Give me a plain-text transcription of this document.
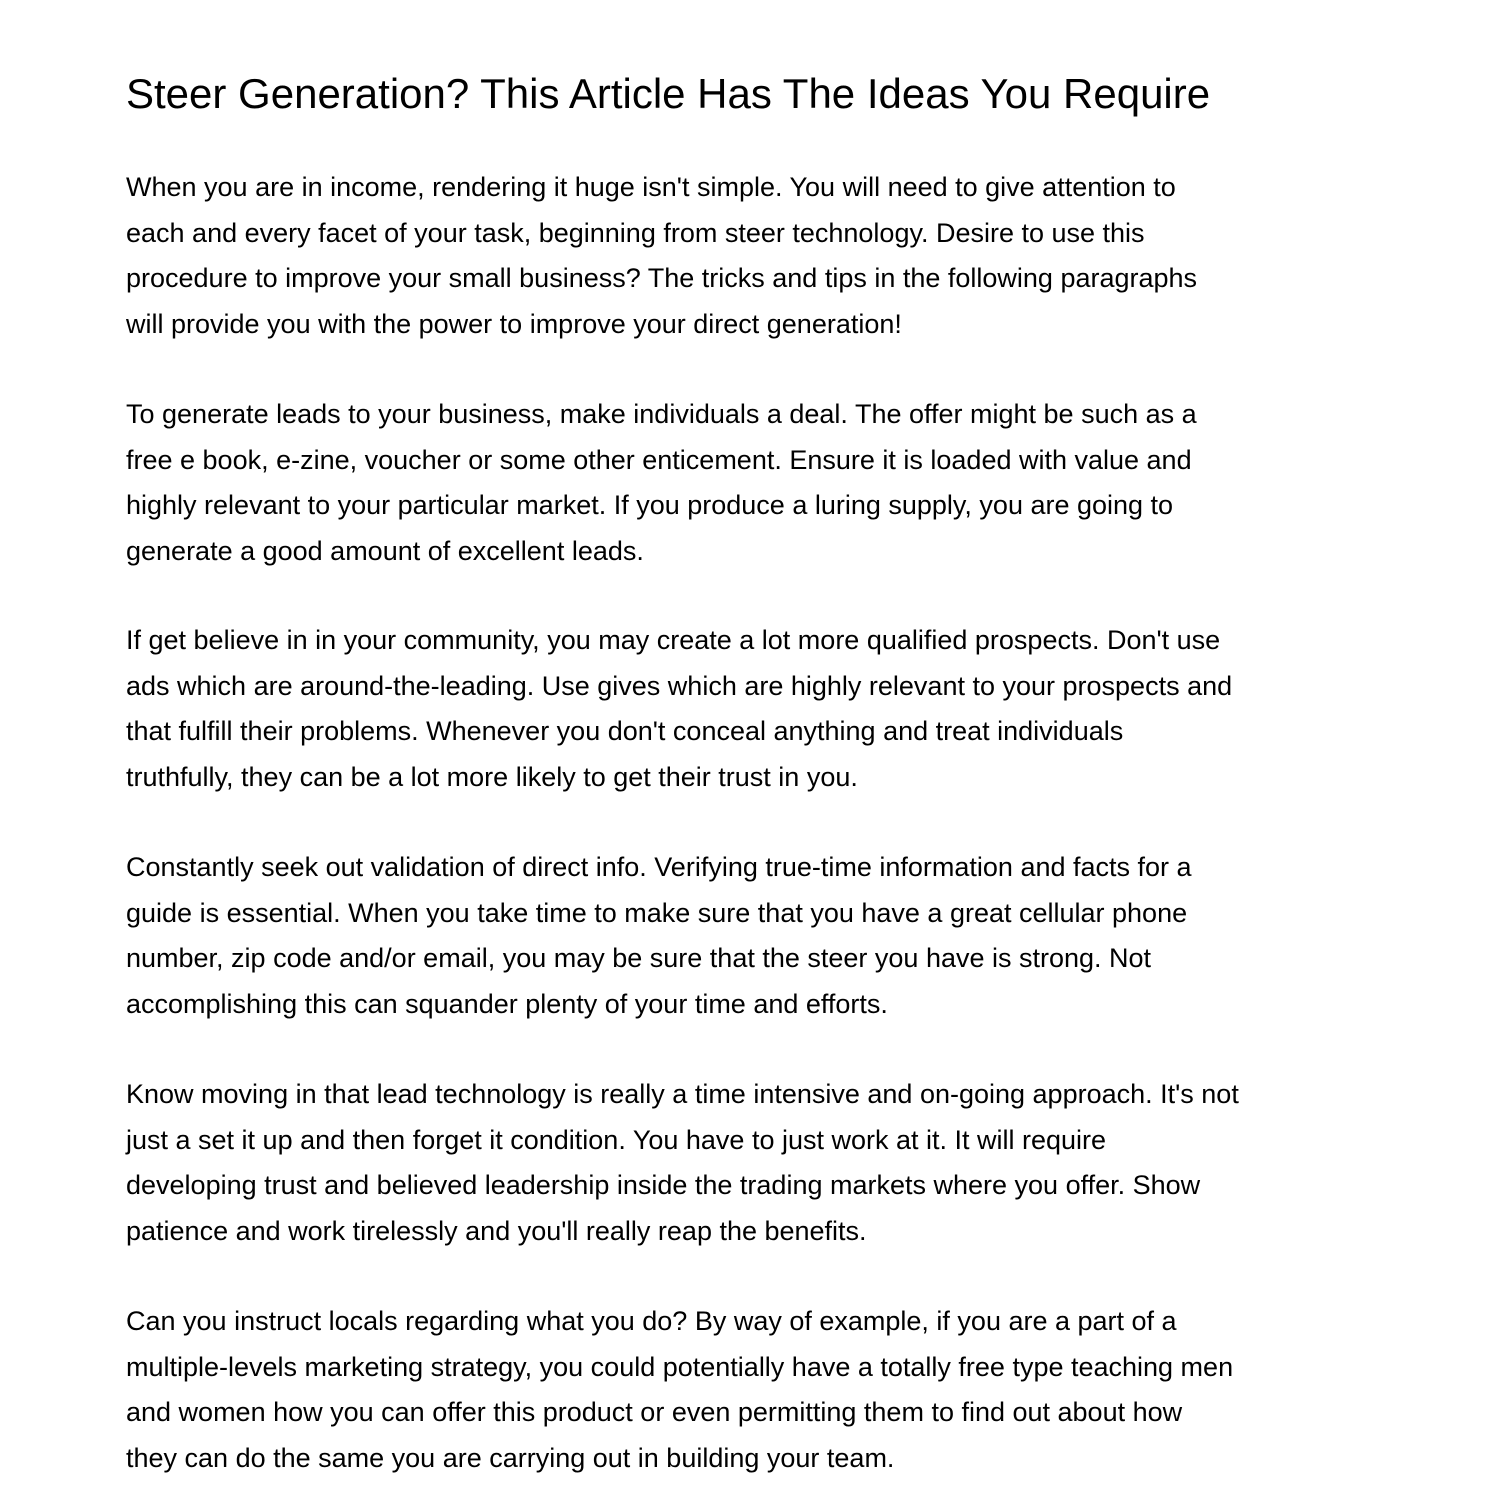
Steer Generation? This Article Has The Ideas You Require

When you are in income, rendering it huge isn't simple. You will need to give attention to
each and every facet of your task, beginning from steer technology. Desire to use this
procedure to improve your small business? The tricks and tips in the following paragraphs
will provide you with the power to improve your direct generation!

To generate leads to your business, make individuals a deal. The offer might be such as a
free e book, e-zine, voucher or some other enticement. Ensure it is loaded with value and
highly relevant to your particular market. If you produce a luring supply, you are going to
generate a good amount of excellent leads.

If get believe in in your community, you may create a lot more qualified prospects. Don't use
ads which are around-the-leading. Use gives which are highly relevant to your prospects and
that fulfill their problems. Whenever you don't conceal anything and treat individuals
truthfully, they can be a lot more likely to get their trust in you.

Constantly seek out validation of direct info. Verifying true-time information and facts for a
guide is essential. When you take time to make sure that you have a great cellular phone
number, zip code and/or email, you may be sure that the steer you have is strong. Not
accomplishing this can squander plenty of your time and efforts.

Know moving in that lead technology is really a time intensive and on-going approach. It's not
just a set it up and then forget it condition. You have to just work at it. It will require
developing trust and believed leadership inside the trading markets where you offer. Show
patience and work tirelessly and you'll really reap the benefits.

Can you instruct locals regarding what you do? By way of example, if you are a part of a
multiple-levels marketing strategy, you could potentially have a totally free type teaching men
and women how you can offer this product or even permitting them to find out about how
they can do the same you are carrying out in building your team.
